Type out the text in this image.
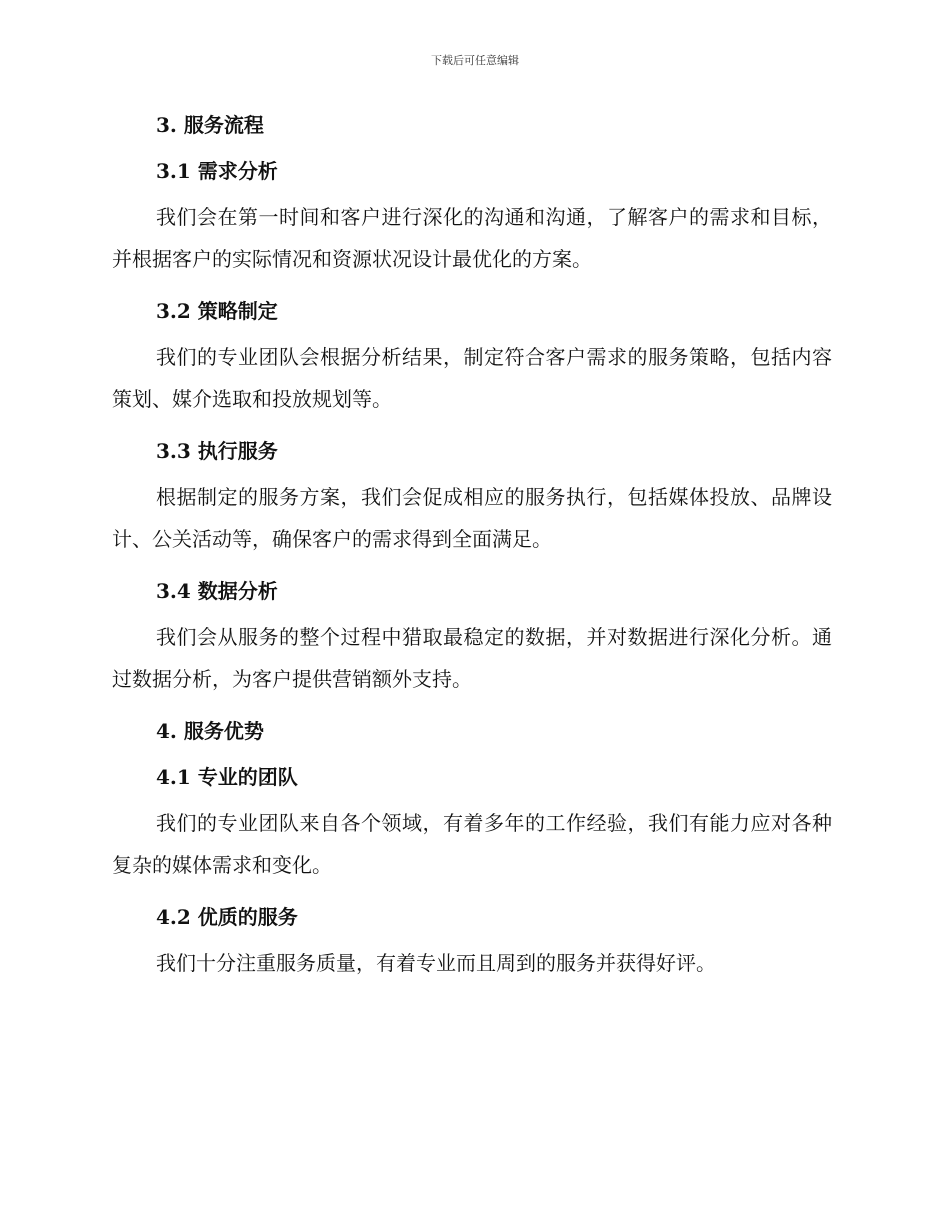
下载后可任意编辑
3. 服务流程
3.1 需求分析
我们会在第一时间和客户进行深化的沟通和沟通，了解客户的需求和目标，并根据客户的实际情况和资源状况设计最优化的方案。
3.2 策略制定
我们的专业团队会根据分析结果，制定符合客户需求的服务策略，包括内容策划、媒介选取和投放规划等。
3.3 执行服务
根据制定的服务方案，我们会促成相应的服务执行，包括媒体投放、品牌设计、公关活动等，确保客户的需求得到全面满足。
3.4 数据分析
我们会从服务的整个过程中猎取最稳定的数据，并对数据进行深化分析。通过数据分析，为客户提供营销额外支持。
4. 服务优势
4.1 专业的团队
我们的专业团队来自各个领域，有着多年的工作经验，我们有能力应对各种复杂的媒体需求和变化。
4.2 优质的服务
我们十分注重服务质量，有着专业而且周到的服务并获得好评。
